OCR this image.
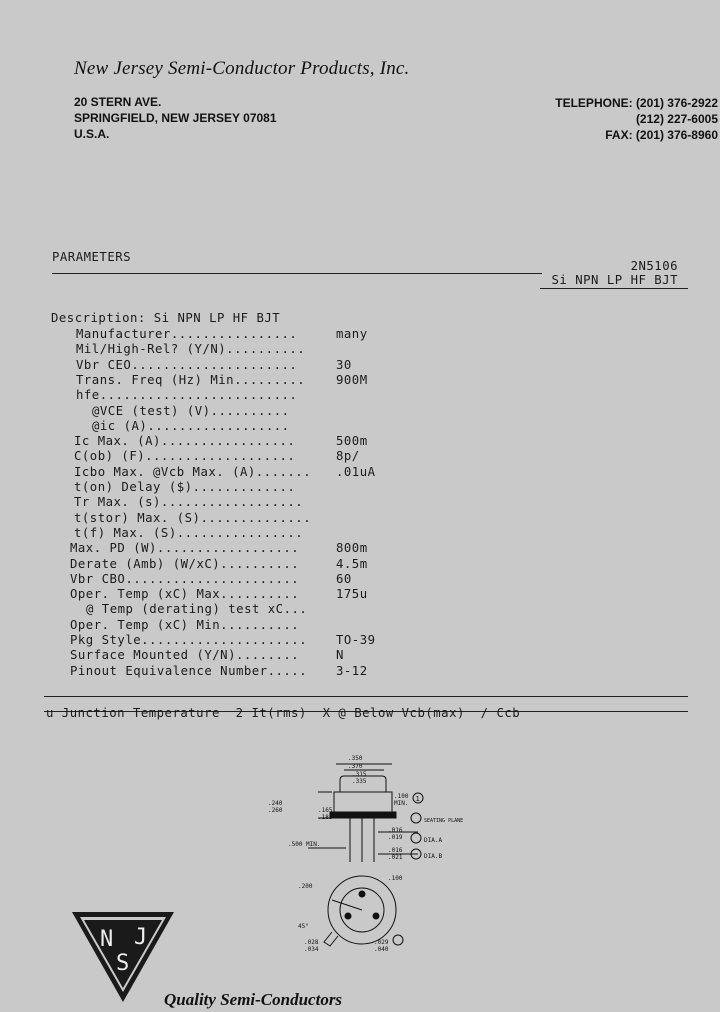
New Jersey Semi-Conductor Products, Inc.
20 STERN AVE.
SPRINGFIELD, NEW JERSEY 07081
U.S.A.
TELEPHONE: (201) 376-2922
(212) 227-6005
FAX: (201) 376-8960
PARAMETERS
2N5106
Si NPN LP HF BJT
Description: Si NPN LP HF BJT
Manufacturer................	many
Mil/High-Rel? (Y/N)..........
Vbr CEO.....................	30
Trans. Freq (Hz) Min.........	900M
hfe.........................
@VCE (test) (V)..........
@ic (A)..................
Ic Max. (A).................	500m
C(ob) (F)...................	8p/
Icbo Max. @Vcb Max. (A)....... .01uA
t(on) Delay ($).............
Tr Max. (s)..................
t(stor) Max. (S)..............
t(f) Max. (S)................
Max. PD (W)..................	800m
Derate (Amb) (W/xC)..........	4.5m
Vbr CBO......................	60
Oper. Temp (xC) Max..........	175u
@ Temp (derating) test xC...
Oper. Temp (xC) Min..........
Pkg Style..................... TO-39
Surface Mounted (Y/N)........	N
Pinout Equivalence Number..... 3-12
u Junction Temperature  2 It(rms)  X @ Below Vcb(max)  / Ccb
.350
.370
.315
.335
.240
.260
.100
MIN.
.165
.185
.016
.019
.016
.021
.500 MIN.
SEATING PLANE
DIA.A
DIA.B
1
.200
.100
45°
.028
.034
.029
.040
N J
S
Quality Semi-Conductors
